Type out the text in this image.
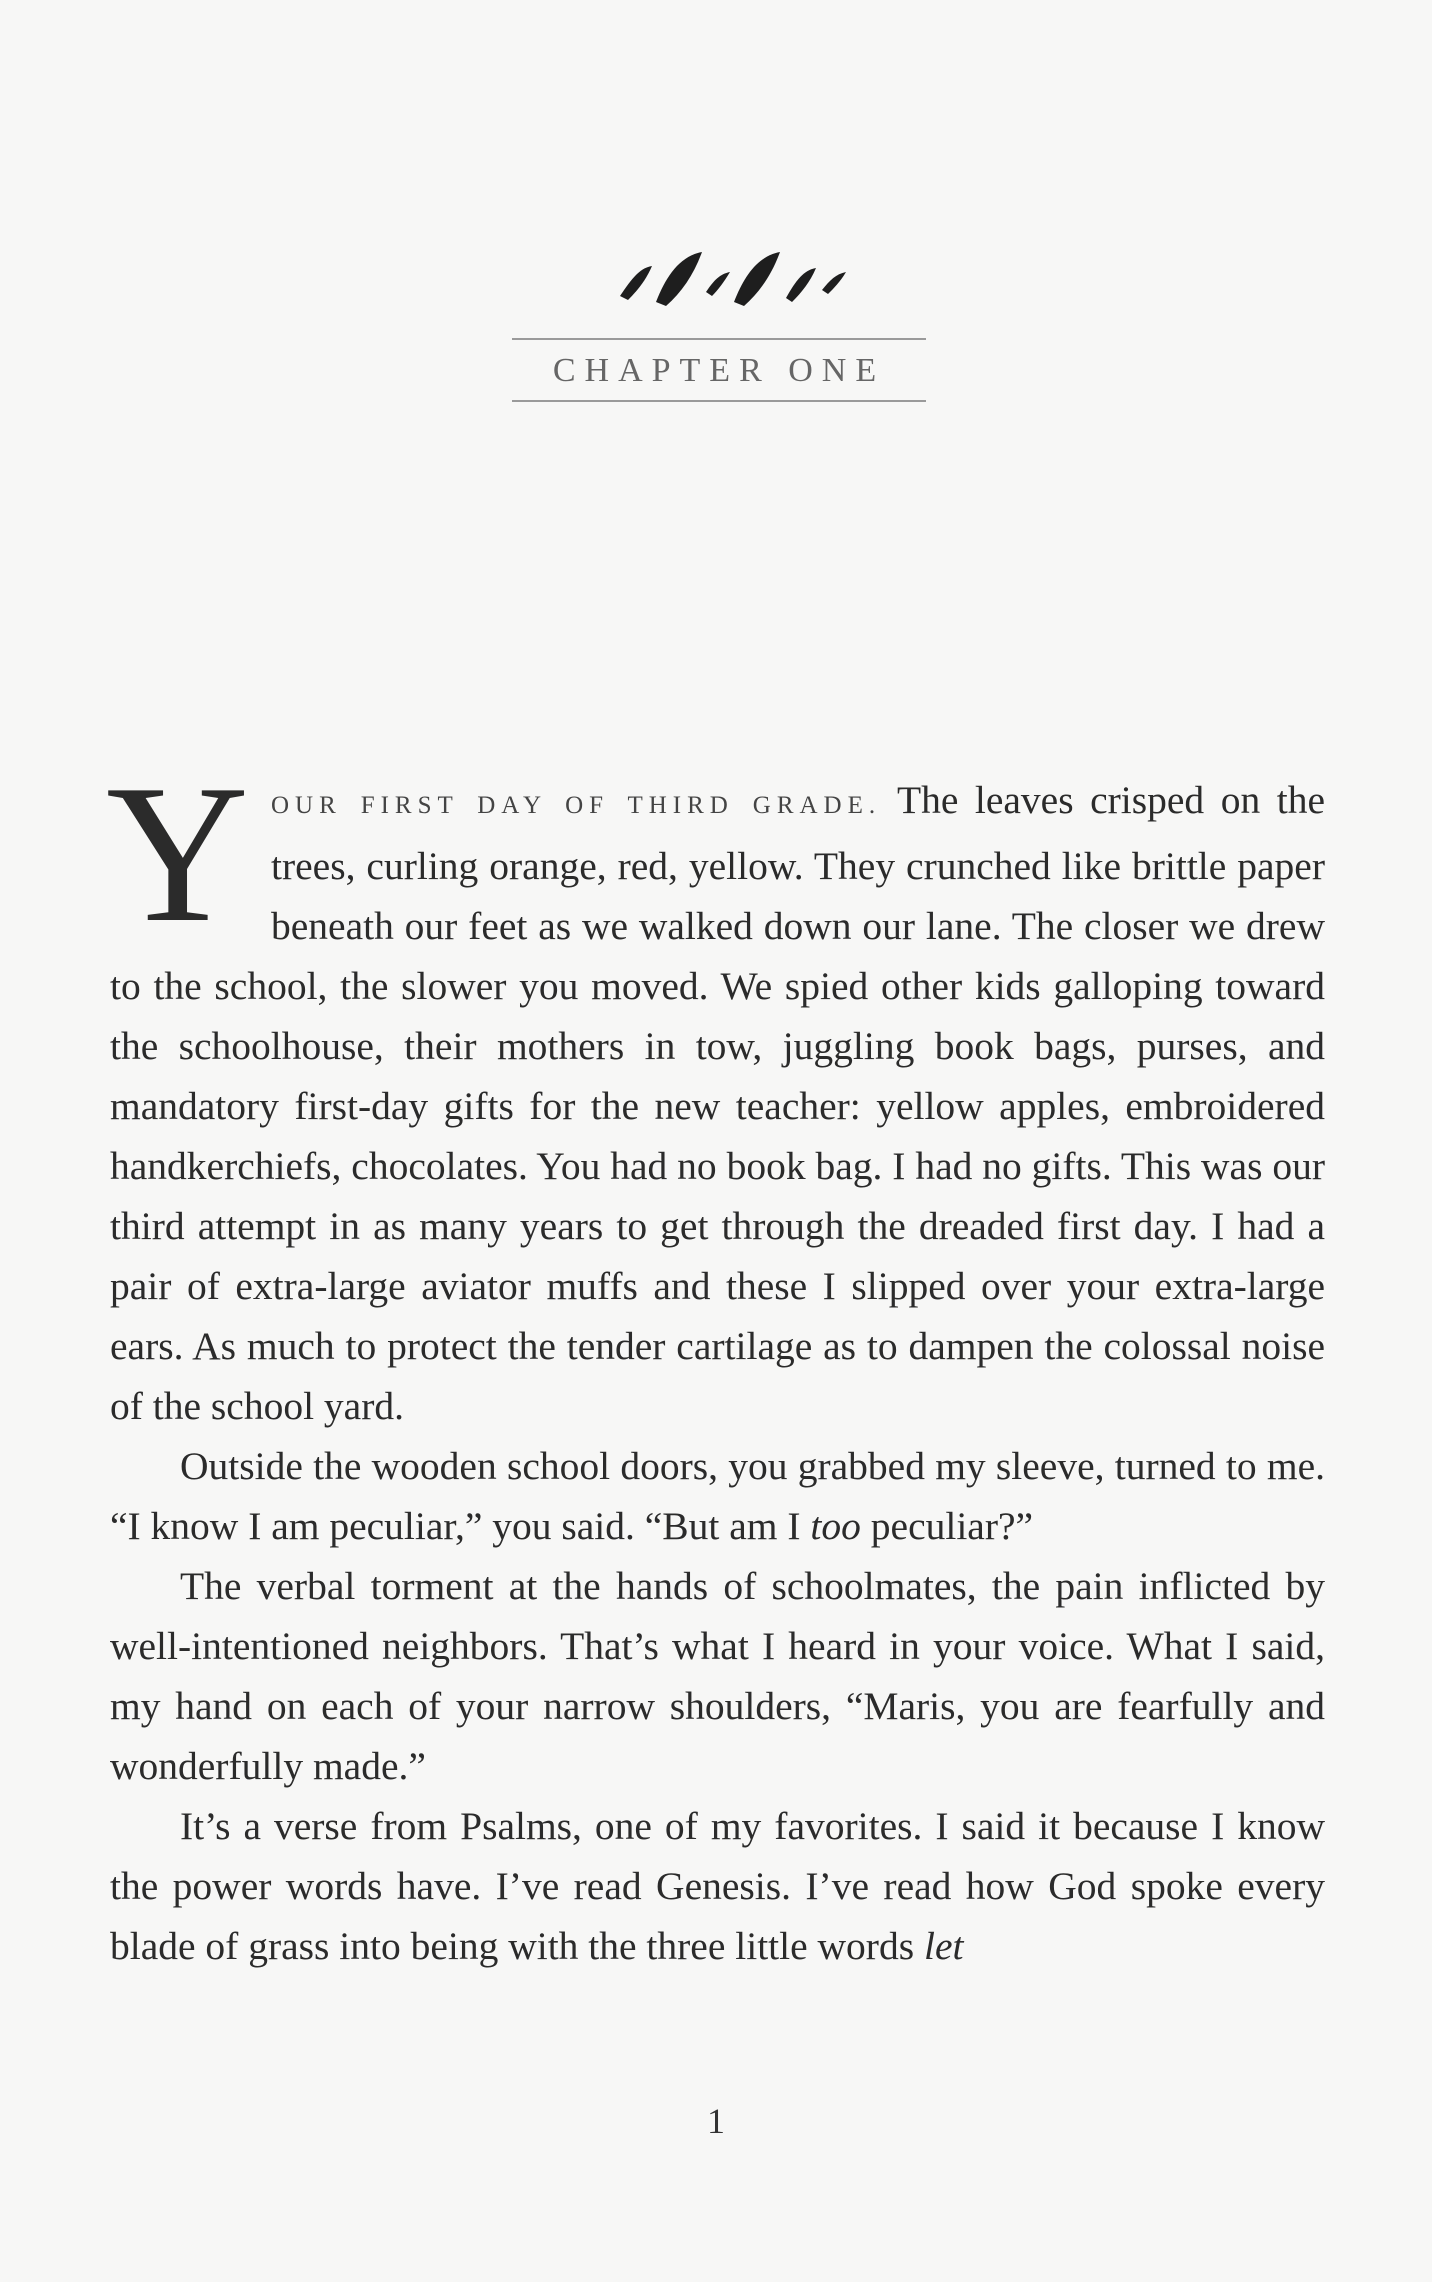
CHAPTER ONE

YOUR FIRST DAY OF THIRD GRADE. The leaves crisped on the trees, curling orange, red, yellow. They crunched like brittle paper beneath our feet as we walked down our lane. The closer we drew to the school, the slower you moved. We spied other kids galloping toward the schoolhouse, their mothers in tow, juggling book bags, purses, and mandatory first-day gifts for the new teacher: yellow apples, embroidered handkerchiefs, chocolates. You had no book bag. I had no gifts. This was our third attempt in as many years to get through the dreaded first day. I had a pair of extra-large aviator muffs and these I slipped over your extra-large ears. As much to protect the tender cartilage as to dampen the colossal noise of the school yard.

Outside the wooden school doors, you grabbed my sleeve, turned to me. “I know I am peculiar,” you said. “But am I too peculiar?”

The verbal torment at the hands of schoolmates, the pain inflicted by well-intentioned neighbors. That’s what I heard in your voice. What I said, my hand on each of your narrow shoulders, “Maris, you are fearfully and wonderfully made.”

It’s a verse from Psalms, one of my favorites. I said it because I know the power words have. I’ve read Genesis. I’ve read how God spoke every blade of grass into being with the three little words let

1
